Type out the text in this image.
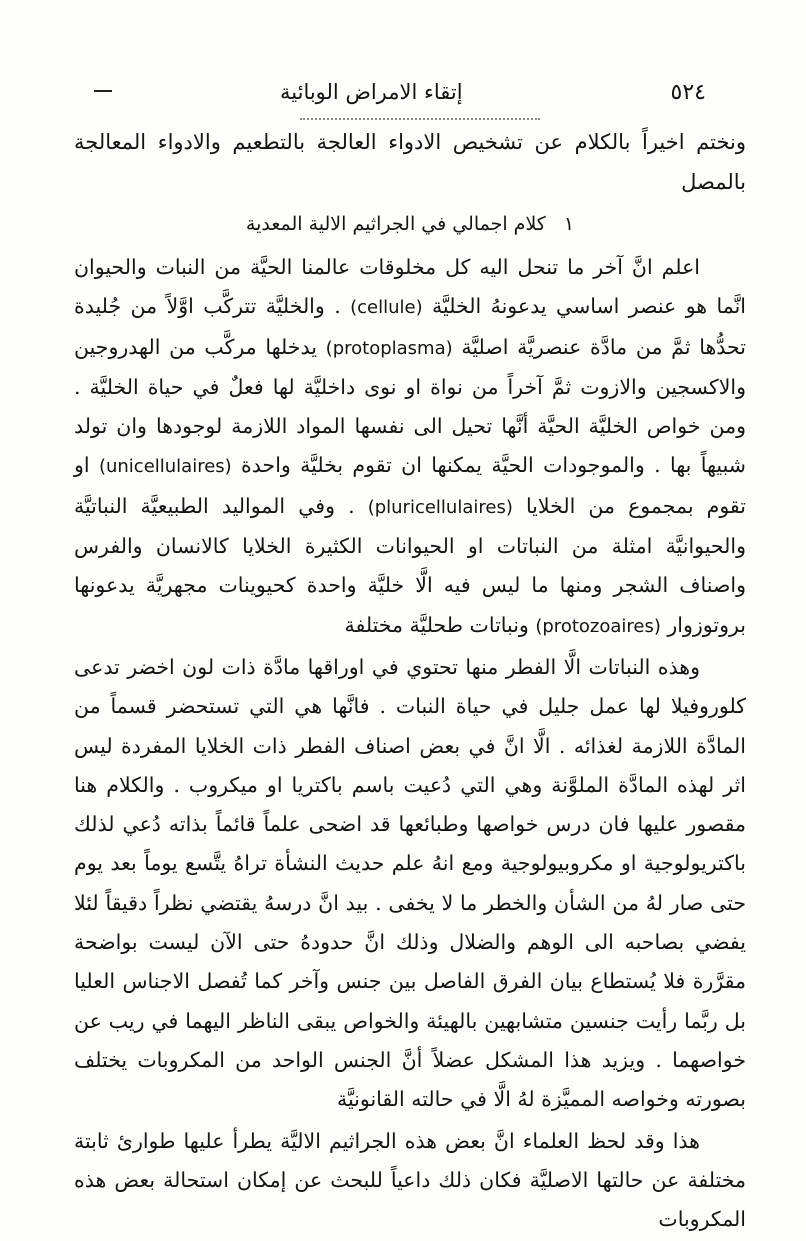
٥٢٤
إتقاء الامراض الوبائية

ونختم اخيراً بالكلام عن تشخيص الادواء العالجة بالتطعيم والادواء المعالجة بالمصل

١ كلام اجمالي في الجراثيم الالية المعدية

اعلم انَّ آخر ما تنحل اليه كل مخلوقات عالمنا الحيَّة من النبات والحيوان انَّما هو عنصر اساسي يدعونهُ الخليَّة (cellule) . والخليَّة تتركَّب اوَّلاً من جُليدة تحدُّها ثمَّ من مادَّة عنصريَّة اصليَّة (protoplasma) يدخلها مركَّب من الهدروجين والاكسجين والازوت ثمَّ آخراً من نواة او نوى داخليَّة لها فعلٌ في حياة الخليَّة . ومن خواص الخليَّة الحيَّة أنَّها تحيل الى نفسها المواد اللازمة لوجودها وان تولد شبيهاً بها . والموجودات الحيَّة يمكنها ان تقوم بخليَّة واحدة (unicellulaires) او تقوم بمجموع من الخلايا (pluricellulaires) . وفي المواليد الطبيعيَّة النباتيَّة والحيوانيَّة امثلة من النباتات او الحيوانات الكثيرة الخلايا كالانسان والفرس واصناف الشجر ومنها ما ليس فيه الَّا خليَّة واحدة كحيوينات مجهريَّة يدعونها بروتوزوار (protozoaires) ونباتات طحليَّة مختلفة

وهذه النباتات الَّا الفطر منها تحتوي في اوراقها مادَّة ذات لون اخضر تدعى كلوروفيلا لها عمل جليل في حياة النبات . فانَّها هي التي تستحضر قسماً من المادَّة اللازمة لغذائه . الَّا انَّ في بعض اصناف الفطر ذات الخلايا المفردة ليس اثر لهذه المادَّة الملوَّنة وهي التي دُعيت باسم باكتريا او ميكروب . والكلام هنا مقصور عليها فان درس خواصها وطبائعها قد اضحى علماً قائماً بذاته دُعي لذلك باكتريولوجية او مكروبيولوجية ومع انهُ علم حديث النشأة تراهُ يتَّسع يوماً بعد يوم حتى صار لهُ من الشأن والخطر ما لا يخفى . بيد انَّ درسهُ يقتضي نظراً دقيقاً لئلا يفضي بصاحبه الى الوهم والضلال وذلك انَّ حدودهُ حتى الآن ليست بواضحة مقرَّرة فلا يُستطاع بيان الفرق الفاصل بين جنس وآخر كما تُفصل الاجناس العليا بل ربَّما رأيت جنسين متشابهين بالهيئة والخواص يبقى الناظر اليهما في ريب عن خواصهما . ويزيد هذا المشكل عضلاً أنَّ الجنس الواحد من المكروبات يختلف بصورته وخواصه المميَّزة لهُ الَّا في حالته القانونيَّة

هذا وقد لحظ العلماء انَّ بعض هذه الجراثيم الاليَّة يطرأ عليها طوارئ ثابتة مختلفة عن حالتها الاصليَّة فكان ذلك داعياً للبحث عن إمكان استحالة بعض هذه المكروبات
